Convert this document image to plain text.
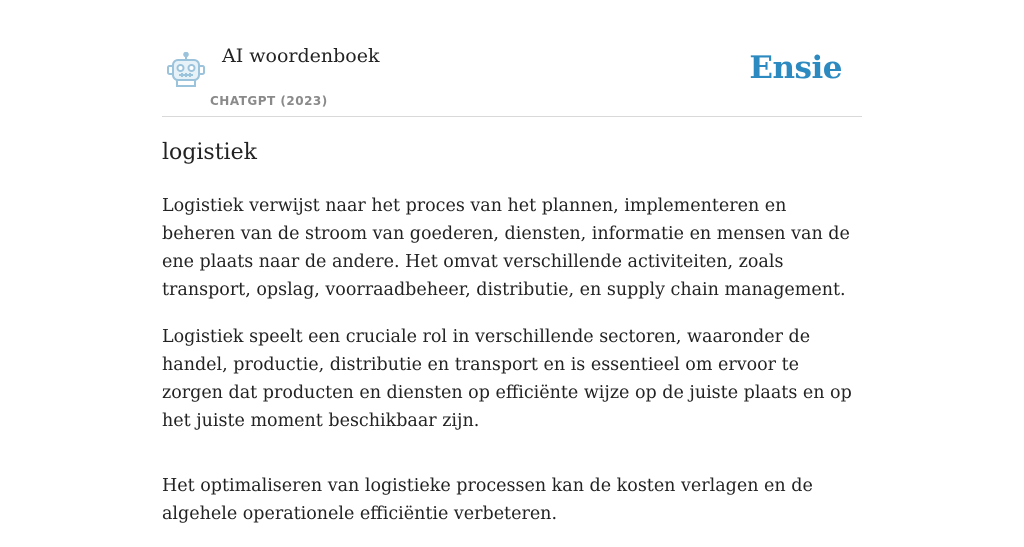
AI woordenboek
CHATGPT (2023)
Ensie
logistiek

Logistiek verwijst naar het proces van het plannen, implementeren en beheren van de stroom van goederen, diensten, informatie en mensen van de ene plaats naar de andere. Het omvat verschillende activiteiten, zoals transport, opslag, voorraadbeheer, distributie, en supply chain management.

Logistiek speelt een cruciale rol in verschillende sectoren, waaronder de handel, productie, distributie en transport en is essentieel om ervoor te zorgen dat producten en diensten op efficiënte wijze op de juiste plaats en op het juiste moment beschikbaar zijn.

Het optimaliseren van logistieke processen kan de kosten verlagen en de algehele operationele efficiëntie verbeteren.
